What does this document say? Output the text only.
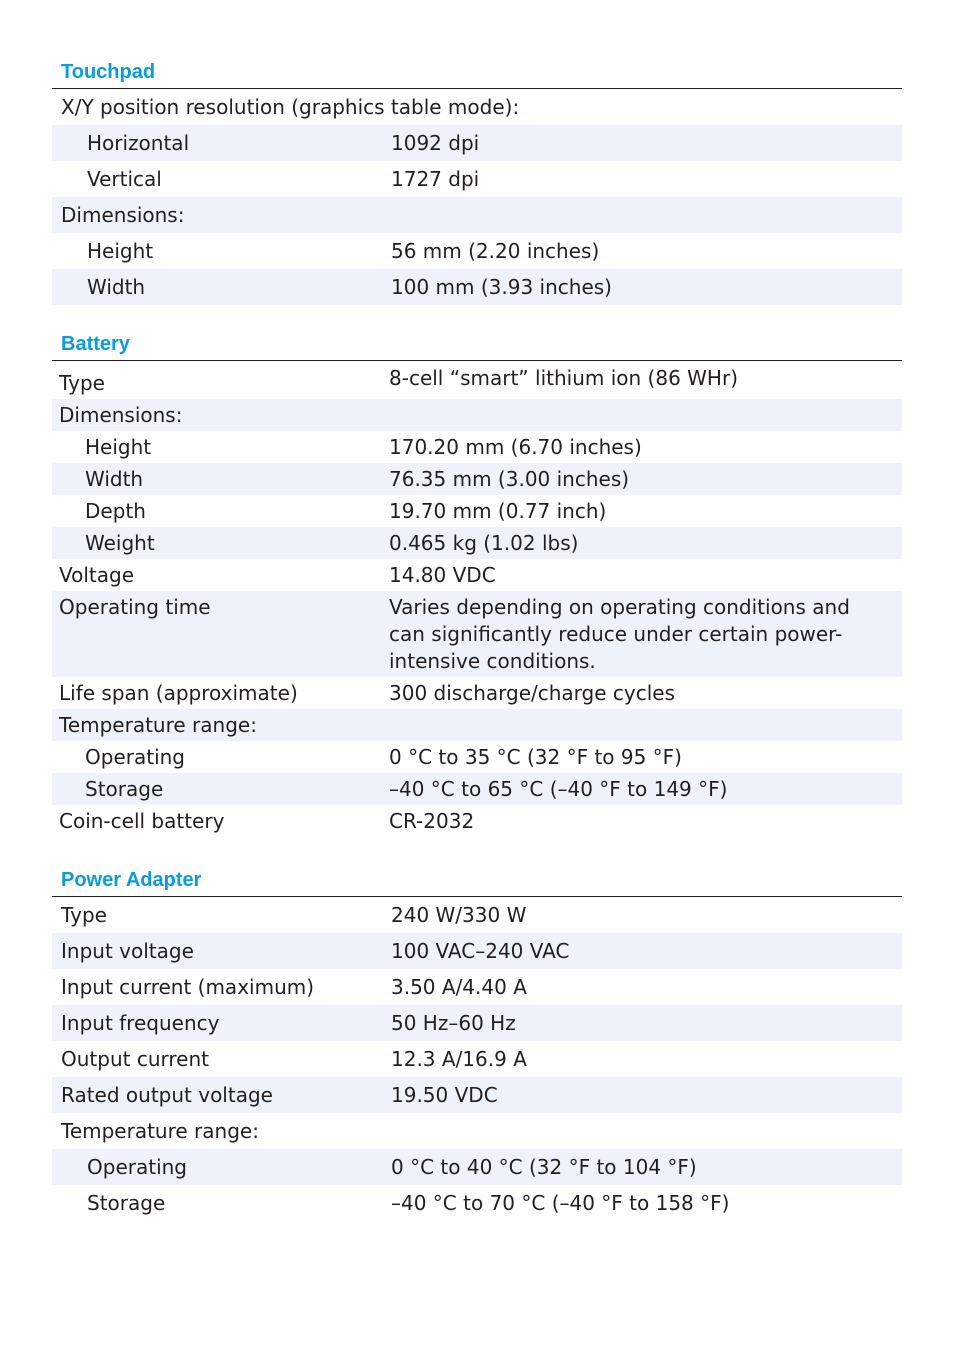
Touchpad
X/Y position resolution (graphics table mode):
Horizontal	1092 dpi
Vertical	1727 dpi
Dimensions:
Height	56 mm (2.20 inches)
Width	100 mm (3.93 inches)
Battery
Type	8-cell “smart” lithium ion (86 WHr)
Dimensions:
Height	170.20 mm (6.70 inches)
Width	76.35 mm (3.00 inches)
Depth	19.70 mm (0.77 inch)
Weight	0.465 kg (1.02 lbs)
Voltage	14.80 VDC
Operating time	Varies depending on operating conditions and
can significantly reduce under certain power-
intensive conditions.
Life span (approximate)	300 discharge/charge cycles
Temperature range:
Operating	0 °C to 35 °C (32 °F to 95 °F)
Storage	–40 °C to 65 °C (–40 °F to 149 °F)
Coin-cell battery	CR-2032
Power Adapter
Type	240 W/330 W
Input voltage	100 VAC–240 VAC
Input current (maximum)	3.50 A/4.40 A
Input frequency	50 Hz–60 Hz
Output current	12.3 A/16.9 A
Rated output voltage	19.50 VDC
Temperature range:
Operating	0 °C to 40 °C (32 °F to 104 °F)
Storage	–40 °C to 70 °C (–40 °F to 158 °F)
